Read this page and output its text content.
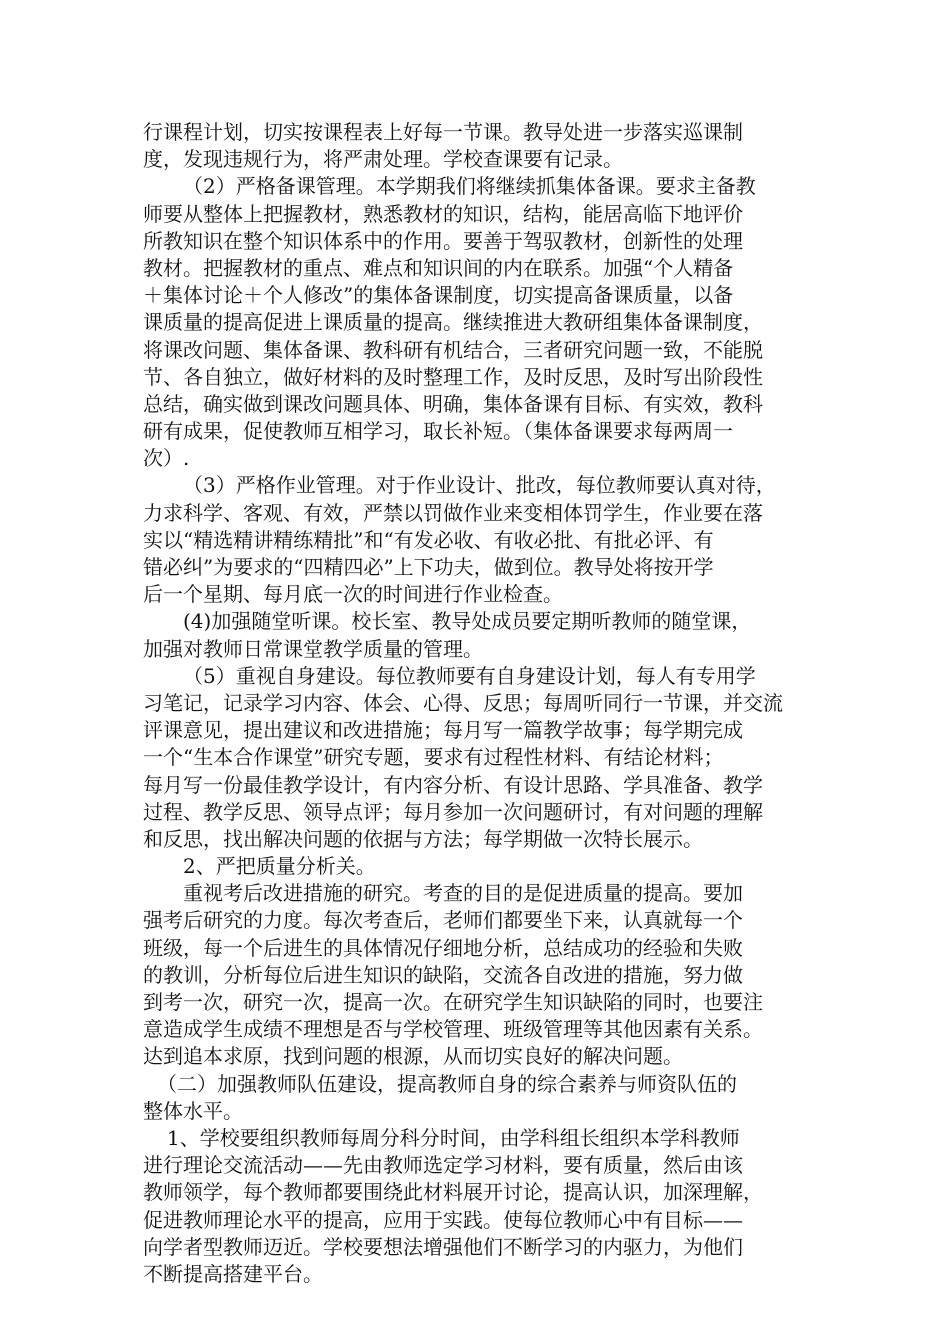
行课程计划，切实按课程表上好每一节课。教导处进一步落实巡课制
度，发现违规行为，将严肃处理。学校查课要有记录。
（2）严格备课管理。本学期我们将继续抓集体备课。要求主备教
师要从整体上把握教材，熟悉教材的知识，结构，能居高临下地评价
所教知识在整个知识体系中的作用。要善于驾驭教材，创新性的处理
教材。把握教材的重点、难点和知识间的内在联系。加强“个人精备
＋集体讨论＋个人修改”的集体备课制度，切实提高备课质量，以备
课质量的提高促进上课质量的提高。继续推进大教研组集体备课制度，
将课改问题、集体备课、教科研有机结合，三者研究问题一致，不能脱
节、各自独立，做好材料的及时整理工作，及时反思，及时写出阶段性
总结，确实做到课改问题具体、明确，集体备课有目标、有实效，教科
研有成果，促使教师互相学习，取长补短。（集体备课要求每两周一
次）.
（3）严格作业管理。对于作业设计、批改，每位教师要认真对待，
力求科学、客观、有效，严禁以罚做作业来变相体罚学生，作业要在落
实以“精选精讲精练精批”和“有发必收、有收必批、有批必评、有
错必纠”为要求的“四精四必”上下功夫，做到位。教导处将按开学
后一个星期、每月底一次的时间进行作业检查。
(4)加强随堂听课。校长室、教导处成员要定期听教师的随堂课，
加强对教师日常课堂教学质量的管理。
（5）重视自身建设。每位教师要有自身建设计划，每人有专用学
习笔记，记录学习内容、体会、心得、反思；每周听同行一节课，并交流
评课意见，提出建议和改进措施；每月写一篇教学故事；每学期完成
一个“生本合作课堂”研究专题，要求有过程性材料、有结论材料；
每月写一份最佳教学设计，有内容分析、有设计思路、学具准备、教学
过程、教学反思、领导点评；每月参加一次问题研讨，有对问题的理解
和反思，找出解决问题的依据与方法；每学期做一次特长展示。
2、严把质量分析关。
重视考后改进措施的研究。考查的目的是促进质量的提高。要加
强考后研究的力度。每次考查后，老师们都要坐下来，认真就每一个
班级，每一个后进生的具体情况仔细地分析，总结成功的经验和失败
的教训，分析每位后进生知识的缺陷，交流各自改进的措施，努力做
到考一次，研究一次，提高一次。在研究学生知识缺陷的同时，也要注
意造成学生成绩不理想是否与学校管理、班级管理等其他因素有关系。
达到追本求原，找到问题的根源，从而切实良好的解决问题。
（二）加强教师队伍建设，提高教师自身的综合素养与师资队伍的
整体水平。
1、学校要组织教师每周分科分时间，由学科组长组织本学科教师
进行理论交流活动——先由教师选定学习材料，要有质量，然后由该
教师领学，每个教师都要围绕此材料展开讨论，提高认识，加深理解，
促进教师理论水平的提高，应用于实践。使每位教师心中有目标——
向学者型教师迈近。学校要想法增强他们不断学习的内驱力，为他们
不断提高搭建平台。
